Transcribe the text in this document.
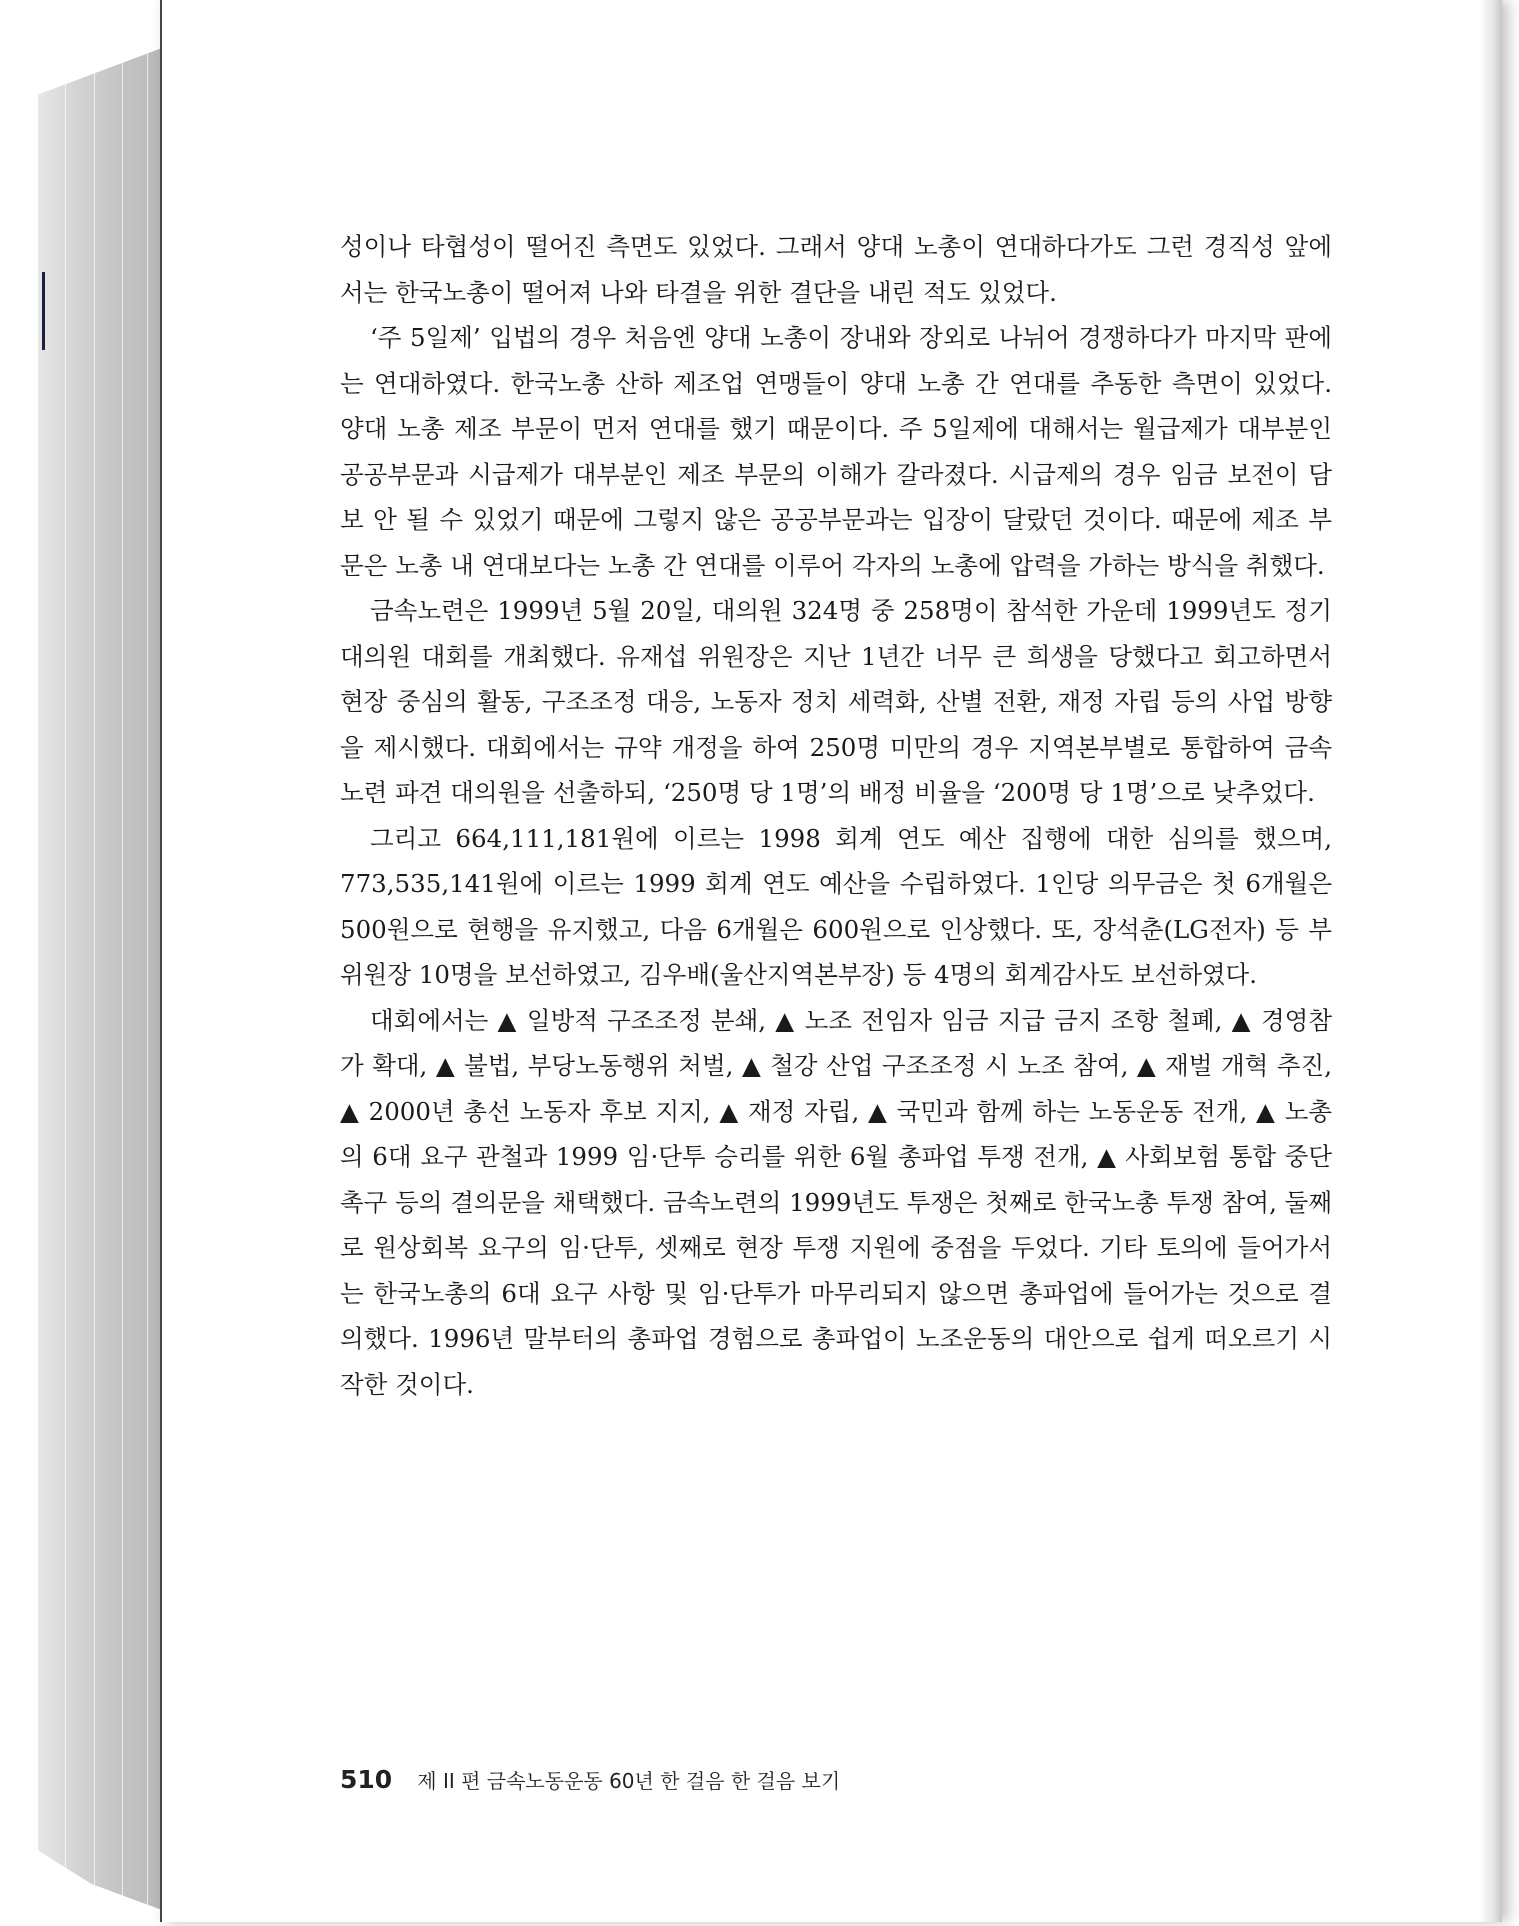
성이나 타협성이 떨어진 측면도 있었다. 그래서 양대 노총이 연대하다가도 그런 경직성 앞에서는 한국노총이 떨어져 나와 타결을 위한 결단을 내린 적도 있었다.

‘주 5일제’ 입법의 경우 처음엔 양대 노총이 장내와 장외로 나뉘어 경쟁하다가 마지막 판에는 연대하였다. 한국노총 산하 제조업 연맹들이 양대 노총 간 연대를 추동한 측면이 있었다. 양대 노총 제조 부문이 먼저 연대를 했기 때문이다. 주 5일제에 대해서는 월급제가 대부분인 공공부문과 시급제가 대부분인 제조 부문의 이해가 갈라졌다. 시급제의 경우 임금 보전이 담보 안 될 수 있었기 때문에 그렇지 않은 공공부문과는 입장이 달랐던 것이다. 때문에 제조 부문은 노총 내 연대보다는 노총 간 연대를 이루어 각자의 노총에 압력을 가하는 방식을 취했다.

금속노련은 1999년 5월 20일, 대의원 324명 중 258명이 참석한 가운데 1999년도 정기대의원 대회를 개최했다. 유재섭 위원장은 지난 1년간 너무 큰 희생을 당했다고 회고하면서 현장 중심의 활동, 구조조정 대응, 노동자 정치 세력화, 산별 전환, 재정 자립 등의 사업 방향을 제시했다. 대회에서는 규약 개정을 하여 250명 미만의 경우 지역본부별로 통합하여 금속노련 파견 대의원을 선출하되, ‘250명 당 1명’의 배정 비율을 ‘200명 당 1명’으로 낮추었다.

그리고 664,111,181원에 이르는 1998 회계 연도 예산 집행에 대한 심의를 했으며, 773,535,141원에 이르는 1999 회계 연도 예산을 수립하였다. 1인당 의무금은 첫 6개월은 500원으로 현행을 유지했고, 다음 6개월은 600원으로 인상했다. 또, 장석춘(LG전자) 등 부위원장 10명을 보선하였고, 김우배(울산지역본부장) 등 4명의 회계감사도 보선하였다.

대회에서는 ▲ 일방적 구조조정 분쇄, ▲ 노조 전임자 임금 지급 금지 조항 철폐, ▲ 경영참가 확대, ▲ 불법, 부당노동행위 처벌, ▲ 철강 산업 구조조정 시 노조 참여, ▲ 재벌 개혁 추진, ▲ 2000년 총선 노동자 후보 지지, ▲ 재정 자립, ▲ 국민과 함께 하는 노동운동 전개, ▲ 노총의 6대 요구 관철과 1999 임·단투 승리를 위한 6월 총파업 투쟁 전개, ▲ 사회보험 통합 중단 촉구 등의 결의문을 채택했다. 금속노련의 1999년도 투쟁은 첫째로 한국노총 투쟁 참여, 둘째로 원상회복 요구의 임·단투, 셋째로 현장 투쟁 지원에 중점을 두었다. 기타 토의에 들어가서는 한국노총의 6대 요구 사항 및 임·단투가 마무리되지 않으면 총파업에 들어가는 것으로 결의했다. 1996년 말부터의 총파업 경험으로 총파업이 노조운동의 대안으로 쉽게 떠오르기 시작한 것이다.

510 제 II 편 금속노동운동 60년 한 걸음 한 걸음 보기
